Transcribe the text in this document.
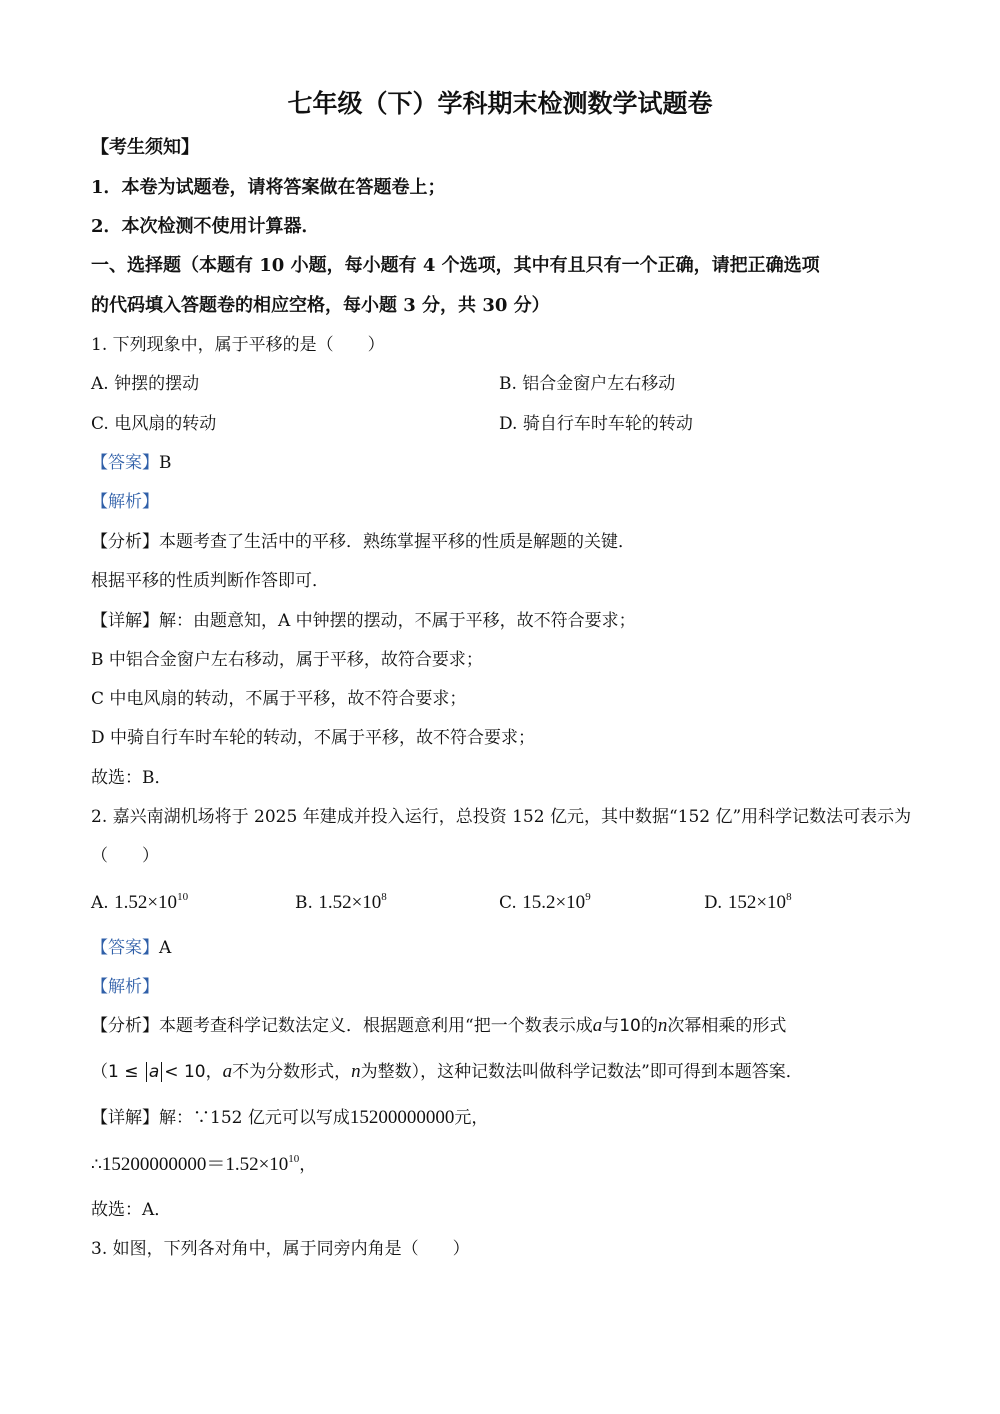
七年级（下）学科期末检测数学试题卷
【考生须知】
1．本卷为试题卷，请将答案做在答题卷上；
2．本次检测不使用计算器．
一、选择题（本题有 10 小题，每小题有 4 个选项，其中有且只有一个正确，请把正确选项
的代码填入答题卷的相应空格，每小题 3 分，共 30 分）
1. 下列现象中，属于平移的是（　　）
A. 钟摆的摆动	B. 铝合金窗户左右移动
C. 电风扇的转动	D. 骑自行车时车轮的转动
【答案】B
【解析】
【分析】本题考查了生活中的平移．熟练掌握平移的性质是解题的关键．
根据平移的性质判断作答即可．
【详解】解：由题意知，A 中钟摆的摆动，不属于平移，故不符合要求；
B 中铝合金窗户左右移动，属于平移，故符合要求；
C 中电风扇的转动，不属于平移，故不符合要求；
D 中骑自行车时车轮的转动，不属于平移，故不符合要求；
故选：B．
2. 嘉兴南湖机场将于 2025 年建成并投入运行，总投资 152 亿元，其中数据“152 亿”用科学记数法可表示为
（　　）
A. $1.52\times 10^{10}$	B. $1.52\times 10^8$	C. $15.2\times 10^9$	D. $152\times 10^8$
【答案】A
【解析】
【分析】本题考查科学记数法定义．根据题意利用“把一个数表示成a与10的n次幂相乘的形式
（1 ≤ a < 10，a不为分数形式，n为整数），这种记数法叫做科学记数法”即可得到本题答案．
【详解】解：∵152 亿元可以写成15200000000元，
$\therefore 15200000000=1.52\times 10^{10}$，
故选：A．
3. 如图，下列各对角中，属于同旁内角是（　　）
